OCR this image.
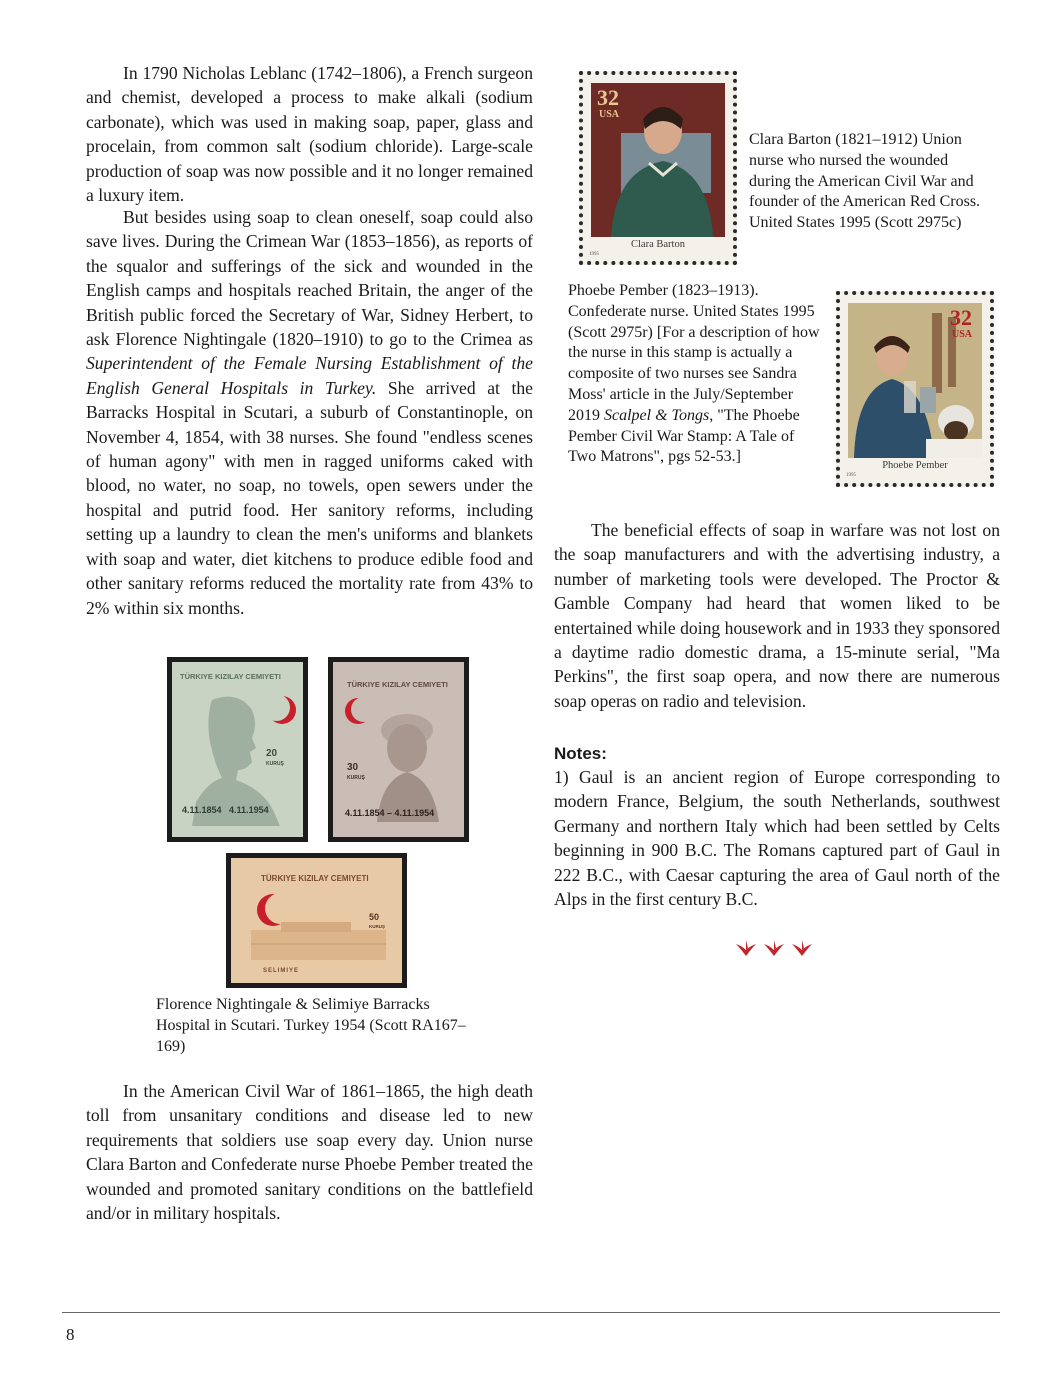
In 1790 Nicholas Leblanc (1742–1806), a French surgeon and chemist, developed a process to make alkali (sodium carbonate), which was used in making soap, paper, glass and procelain, from common salt (sodium chloride). Large-scale production of soap was now possible and it no longer remained a luxury item.

But besides using soap to clean oneself, soap could also save lives. During the Crimean War (1853–1856), as reports of the squalor and sufferings of the sick and wounded in the English camps and hospitals reached Britain, the anger of the British public forced the Secretary of War, Sidney Herbert, to ask Florence Nightingale (1820–1910) to go to the Crimea as Superintendent of the Female Nursing Establishment of the English General Hospitals in Turkey. She arrived at the Barracks Hospital in Scutari, a suburb of Constantinople, on November 4, 1854, with 38 nurses. She found "endless scenes of human agony" with men in ragged uniforms caked with blood, no water, no soap, no towels, open sewers under the hospital and putrid food. Her sanitory reforms, including setting up a laundry to clean the men's uniforms and blankets with soap and water, diet kitchens to produce edible food and other sanitary reforms reduced the mortality rate from 43% to 2% within six months.

TÜRKIYE KIZILAY CEMIYETI
20
KURUŞ
4.11.1854   4.11.1954
TÜRKIYE KIZILAY CEMIYETI
30
KURUŞ
4.11.1854 – 4.11.1954
TÜRKIYE KIZILAY CEMIYETI
50
KURUŞ
SELIMIYE

Florence Nightingale & Selimiye Barracks Hospital in Scutari. Turkey 1954 (Scott RA167–169)

In the American Civil War of 1861–1865, the high death toll from unsanitary conditions and disease led to new requirements that soldiers use soap every day. Union nurse Clara Barton and Confederate nurse Phoebe Pember treated the wounded and promoted sanitary conditions on the battlefield and/or in military hospitals.

32
USA
Clara Barton
1995

Clara Barton (1821–1912) Union nurse who nursed the wounded during the American Civil War and founder of the American Red Cross. United States 1995 (Scott 2975c)

Phoebe Pember (1823–1913). Confederate nurse. United States 1995 (Scott 2975r) [For a description of how the nurse in this stamp is actually a composite of two nurses see Sandra Moss' article in the July/September 2019 Scalpel & Tongs, "The Phoebe Pember Civil War Stamp: A Tale of Two Matrons", pgs 52-53.]

32
USA
Phoebe Pember
1995

The beneficial effects of soap in warfare was not lost on the soap manufacturers and with the advertising industry, a number of marketing tools were developed. The Proctor & Gamble Company had heard that women liked to be entertained while doing housework and in 1933 they sponsored a daytime radio domestic drama, a 15-minute serial, "Ma Perkins", the first soap opera, and now there are numerous soap operas on radio and television.

Notes:

1) Gaul is an ancient region of Europe corresponding to modern France, Belgium, the south Netherlands, southwest Germany and northern Italy which had been settled by Celts beginning in 900 B.C. The Romans captured part of Gaul in 222 B.C., with Caesar capturing the area of Gaul north of the Alps in the first century B.C.

8
